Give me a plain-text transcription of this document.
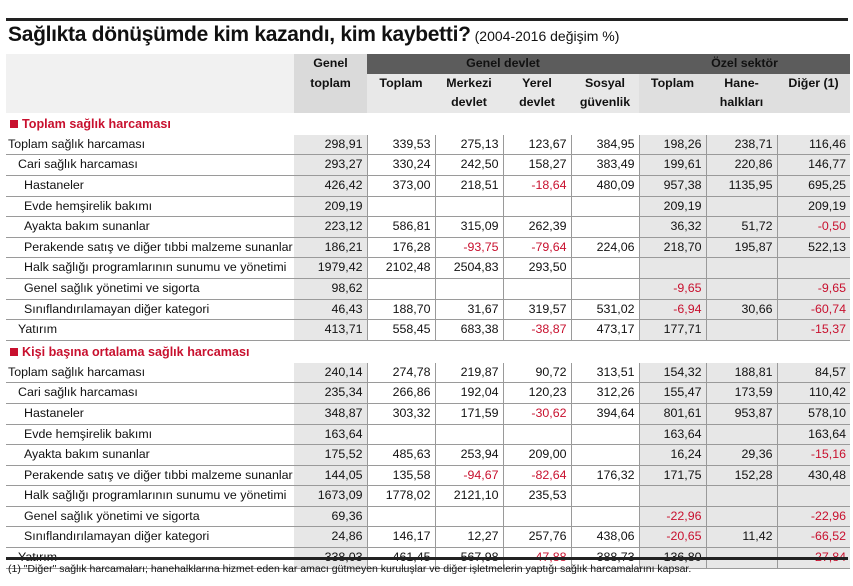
Sağlıkta dönüşümde kim kazandı, kim kaybetti? (2004-2016 değişim %)
	Genel toplam	Genel devlet				Özel sektör		
		Toplam	Merkezi devlet	Yerel devlet	Sosyal güvenlik	Toplam	Hane-halkları	Diğer (1)
Toplam sağlık harcaması								
Toplam sağlık harcaması	298,91	339,53	275,13	123,67	384,95	198,26	238,71	116,46
Cari sağlık harcaması	293,27	330,24	242,50	158,27	383,49	199,61	220,86	146,77
Hastaneler	426,42	373,00	218,51	-18,64	480,09	957,38	1135,95	695,25
Evde hemşirelik bakımı	209,19					209,19		209,19
Ayakta bakım sunanlar	223,12	586,81	315,09	262,39		36,32	51,72	-0,50
Perakende satış ve diğer tıbbi malzeme sunanlar	186,21	176,28	-93,75	-79,64	224,06	218,70	195,87	522,13
Halk sağlığı programlarının sunumu ve yönetimi	1979,42	2102,48	2504,83	293,50				
Genel sağlık yönetimi ve sigorta	98,62					-9,65		-9,65
Sınıflandırılamayan diğer kategori	46,43	188,70	31,67	319,57	531,02	-6,94	30,66	-60,74
Yatırım	413,71	558,45	683,38	-38,87	473,17	177,71		-15,37
Kişi başına ortalama sağlık harcaması								
Toplam sağlık harcaması	240,14	274,78	219,87	90,72	313,51	154,32	188,81	84,57
Cari sağlık harcaması	235,34	266,86	192,04	120,23	312,26	155,47	173,59	110,42
Hastaneler	348,87	303,32	171,59	-30,62	394,64	801,61	953,87	578,10
Evde hemşirelik bakımı	163,64					163,64		163,64
Ayakta bakım sunanlar	175,52	485,63	253,94	209,00		16,24	29,36	-15,16
Perakende satış ve diğer tıbbi malzeme sunanlar	144,05	135,58	-94,67	-82,64	176,32	171,75	152,28	430,48
Halk sağlığı programlarının sunumu ve yönetimi	1673,09	1778,02	2121,10	235,53				
Genel sağlık yönetimi ve sigorta	69,36					-22,96		-22,96
Sınıflandırılamayan diğer kategori	24,86	146,17	12,27	257,76	438,06	-20,65	11,42	-66,52

(1) "Diğer" sağlık harcamaları; hanehalklarına hizmet eden kar amacı gütmeyen kuruluşlar ve diğer işletmelerin yaptığı sağlık harcamalarını kapsar.
